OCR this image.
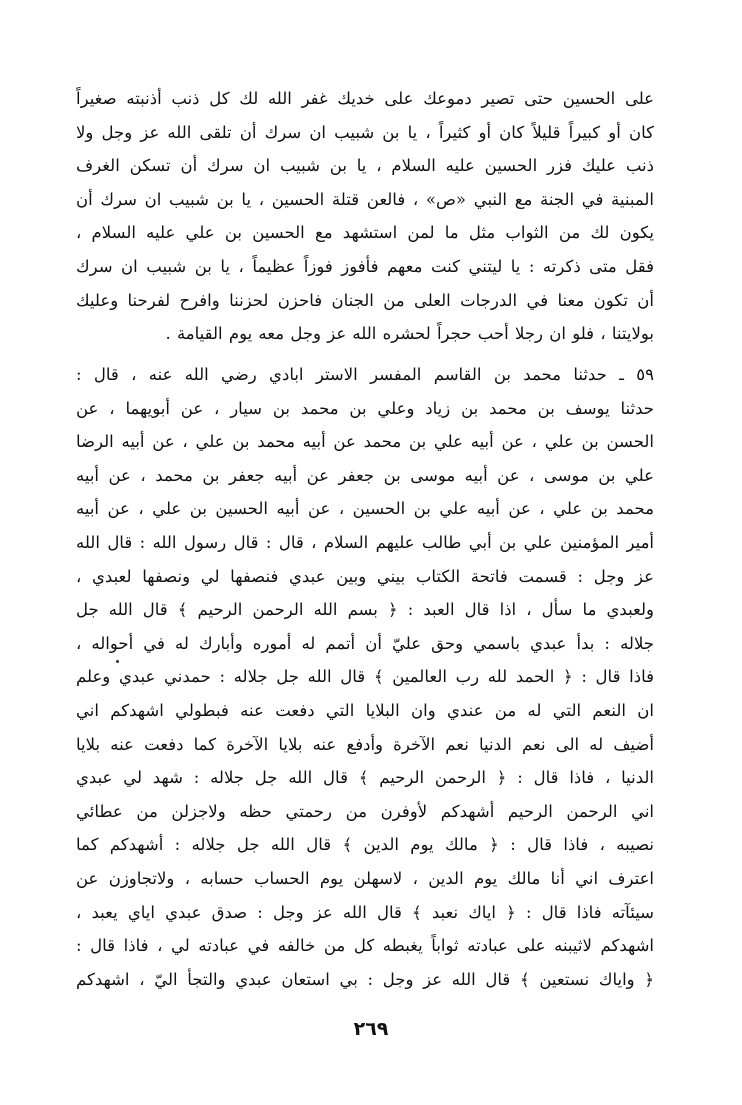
على الحسين حتى تصير دموعك على خديك غفر الله لك كل ذنب أذنبته صغيراً
كان أو كبيراً قليلاً كان أو كثيراً ، يا بن شبيب ان سرك أن تلقى الله عز وجل ولا
ذنب عليك فزر الحسين عليه السلام ، يا بن شبيب ان سرك أن تسكن الغرف
المبنية في الجنة مع النبي «ص» ، فالعن قتلة الحسين ، يا بن شبيب ان سرك أن
يكون لك من الثواب مثل ما لمن استشهد مع الحسين بن علي عليه السلام ،
فقل متى ذكرته : يا ليتني كنت معهم فأفوز فوزاً عظيماً ، يا بن شبيب ان سرك
أن تكون معنا في الدرجات العلى من الجنان فاحزن لحزننا وافرح لفرحنا وعليك
بولايتنا ، فلو ان رجلا أحب حجراً لحشره الله عز وجل معه يوم القيامة .
٥٩ ـ حدثنا محمد بن القاسم المفسر الاستر ابادي رضي الله عنه ، قال :
حدثنا يوسف بن محمد بن زياد وعلي بن محمد بن سيار ، عن أبويهما ، عن
الحسن بن علي ، عن أبيه علي بن محمد عن أبيه محمد بن علي ، عن أبيه الرضا
علي بن موسى ، عن أبيه موسى بن جعفر عن أبيه جعفر بن محمد ، عن أبيه
محمد بن علي ، عن أبيه علي بن الحسين ، عن أبيه الحسين بن علي ، عن أبيه
أمير المؤمنين علي بن أبي طالب عليهم السلام ، قال : قال رسول الله : قال الله
عز وجل : قسمت فاتحة الكتاب بيني وبين عبدي فنصفها لي ونصفها لعبدي ،
ولعبدي ما سأل ، اذا قال العبد : ﴿ بسم الله الرحمن الرحيم ﴾ قال الله جل
جلاله : بدأ عبدي باسمي وحق عليّ أن أتمم له أموره وأبارك له في أحواله ،
فاذا قال : ﴿ الحمد لله رب العالمين ﴾ قال الله جل جلاله : حمدني عبدي وعلم
ان النعم التي له من عندي وان البلايا التي دفعت عنه فبطولي اشهدكم اني
أضيف له الى نعم الدنيا نعم الآخرة وأدفع عنه بلايا الآخرة كما دفعت عنه بلايا
الدنيا ، فاذا قال : ﴿ الرحمن الرحيم ﴾ قال الله جل جلاله : شهد لي عبدي
اني الرحمن الرحيم أشهدكم لأوفرن من رحمتي حظه ولاجزلن من عطائي
نصيبه ، فاذا قال : ﴿ مالك يوم الدين ﴾ قال الله جل جلاله : أشهدكم كما
اعترف اني أنا مالك يوم الدين ، لاسهلن يوم الحساب حسابه ، ولاتجاوزن عن
سيئآته فاذا قال : ﴿ اياك نعبد ﴾ قال الله عز وجل : صدق عبدي اياي يعبد ،
اشهدكم لاثيبنه على عبادته ثواباً يغبطه كل من خالفه في عبادته لي ، فاذا قال :
﴿ واياك نستعين ﴾ قال الله عز وجل : بي استعان عبدي والتجأ اليّ ، اشهدكم
٢٦٩
